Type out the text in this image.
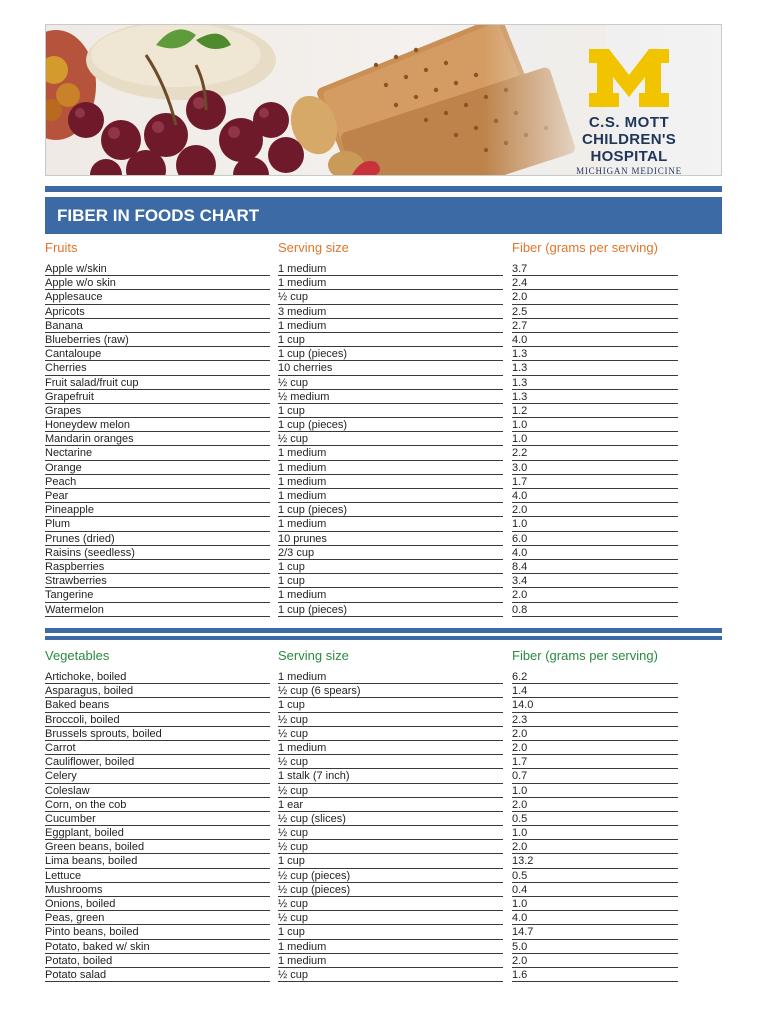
C.S. MOTT
CHILDREN'S HOSPITAL
MICHIGAN MEDICINE
FIBER IN FOODS CHART
Fruits	Serving size	Fiber (grams per serving)
Apple w/skin	1 medium	3.7
Apple w/o skin	1 medium	2.4
Applesauce	½ cup	2.0
Apricots	3 medium	2.5
Banana	1 medium	2.7
Blueberries (raw)	1 cup	4.0
Cantaloupe	1 cup (pieces)	1.3
Cherries	10 cherries	1.3
Fruit salad/fruit cup	½ cup	1.3
Grapefruit	½ medium	1.3
Grapes	1 cup	1.2
Honeydew melon	1 cup (pieces)	1.0
Mandarin oranges	½ cup	1.0
Nectarine	1 medium	2.2
Orange	1 medium	3.0
Peach	1 medium	1.7
Pear	1 medium	4.0
Pineapple	1 cup (pieces)	2.0
Plum	1 medium	1.0
Prunes (dried)	10 prunes	6.0
Raisins (seedless)	2/3 cup	4.0
Raspberries	1 cup	8.4
Strawberries	1 cup	3.4
Tangerine	1 medium	2.0
Watermelon	1 cup (pieces)	0.8
Vegetables	Serving size	Fiber (grams per serving)
Artichoke, boiled	1 medium	6.2
Asparagus, boiled	½ cup (6 spears)	1.4
Baked beans	1 cup	14.0
Broccoli, boiled	½ cup	2.3
Brussels sprouts, boiled	½ cup	2.0
Carrot	1 medium	2.0
Cauliflower, boiled	½ cup	1.7
Celery	1 stalk (7 inch)	0.7
Coleslaw	½ cup	1.0
Corn, on the cob	1 ear	2.0
Cucumber	½ cup (slices)	0.5
Eggplant, boiled	½ cup	1.0
Green beans, boiled	½ cup	2.0
Lima beans, boiled	1 cup	13.2
Lettuce	½ cup (pieces)	0.5
Mushrooms	½ cup (pieces)	0.4
Onions, boiled	½ cup	1.0
Peas, green	½ cup	4.0
Pinto beans, boiled	1 cup	14.7
Potato, baked w/ skin	1 medium	5.0
Potato, boiled	1 medium	2.0
Potato salad	½ cup	1.6
